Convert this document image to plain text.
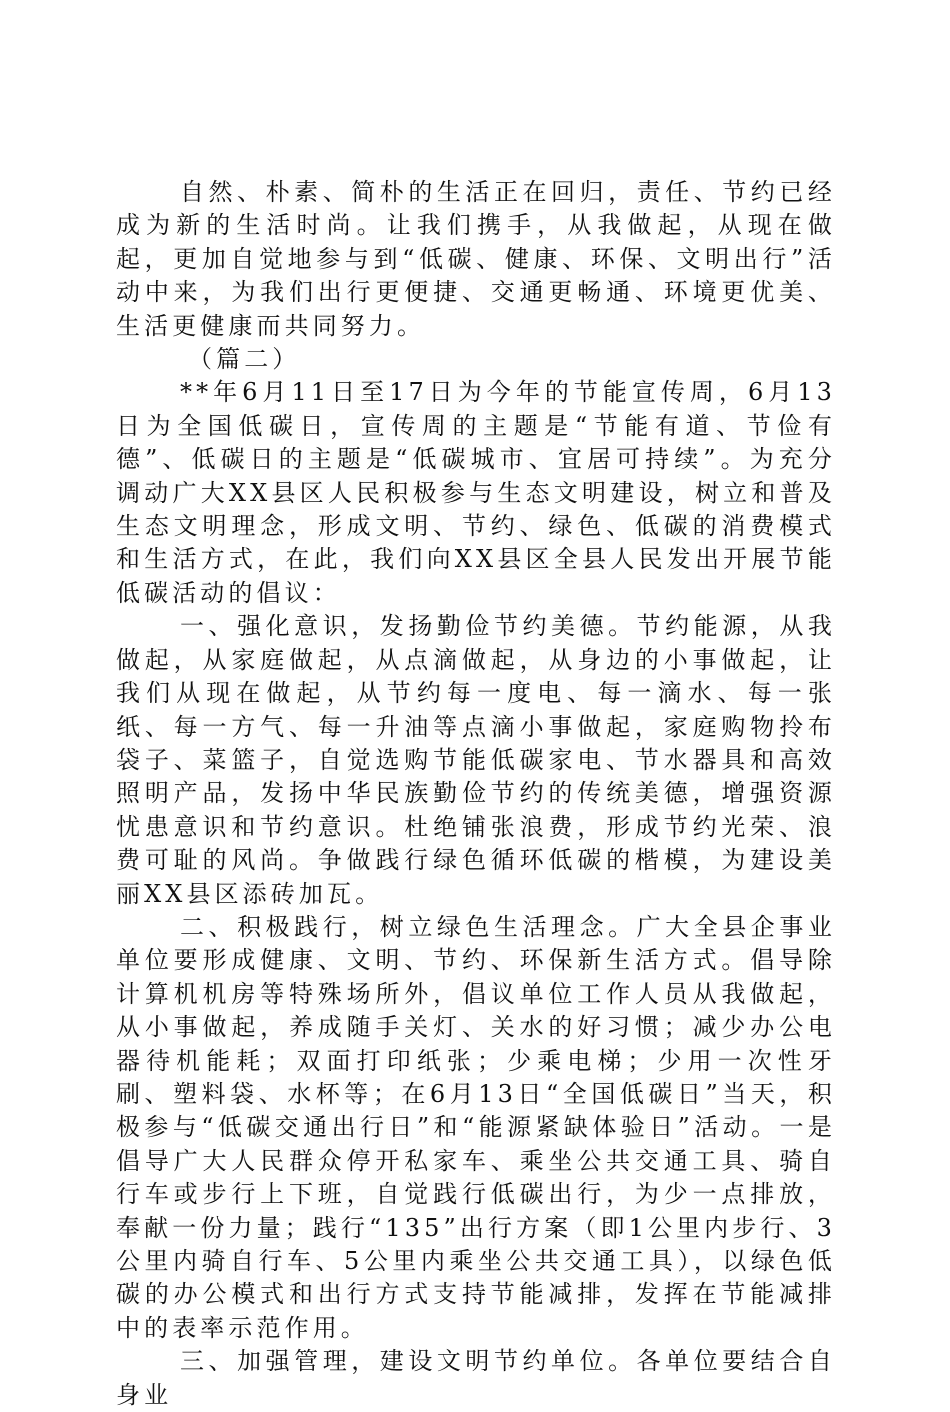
自然、朴素、简朴的生活正在回归，责任、节约已经成为新的生活时尚。让我们携手，从我做起，从现在做起，更加自觉地参与到“低碳、健康、环保、文明出行”活动中来，为我们出行更便捷、交通更畅通、环境更优美、生活更健康而共同努力。

（篇二）

**年6月11日至17日为今年的节能宣传周，6月13日为全国低碳日，宣传周的主题是“节能有道、节俭有德”、低碳日的主题是“低碳城市、宜居可持续”。为充分调动广大XX县区人民积极参与生态文明建设，树立和普及生态文明理念，形成文明、节约、绿色、低碳的消费模式和生活方式，在此，我们向XX县区全县人民发出开展节能低碳活动的倡议：

一、强化意识，发扬勤俭节约美德。节约能源，从我做起，从家庭做起，从点滴做起，从身边的小事做起，让我们从现在做起，从节约每一度电、每一滴水、每一张纸、每一方气、每一升油等点滴小事做起，家庭购物拎布袋子、菜篮子，自觉选购节能低碳家电、节水器具和高效照明产品，发扬中华民族勤俭节约的传统美德，增强资源忧患意识和节约意识。杜绝铺张浪费，形成节约光荣、浪费可耻的风尚。争做践行绿色循环低碳的楷模，为建设美丽XX县区添砖加瓦。

二、积极践行，树立绿色生活理念。广大全县企事业单位要形成健康、文明、节约、环保新生活方式。倡导除计算机机房等特殊场所外，倡议单位工作人员从我做起，从小事做起，养成随手关灯、关水的好习惯；减少办公电器待机能耗；双面打印纸张；少乘电梯；少用一次性牙刷、塑料袋、水杯等；在6月13日“全国低碳日”当天，积极参与“低碳交通出行日”和“能源紧缺体验日”活动。一是倡导广大人民群众停开私家车、乘坐公共交通工具、骑自行车或步行上下班，自觉践行低碳出行，为少一点排放，奉献一份力量；践行“135”出行方案（即1公里内步行、3公里内骑自行车、5公里内乘坐公共交通工具），以绿色低碳的办公模式和出行方式支持节能减排，发挥在节能减排中的表率示范作用。

三、加强管理，建设文明节约单位。各单位要结合自身业
